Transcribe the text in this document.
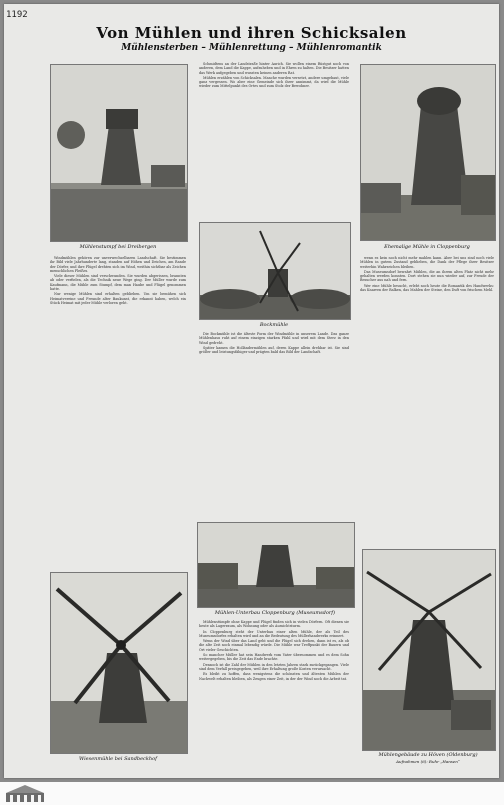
1192
Von Mühlen und ihren Schicksalen
Mühlensterben – Mühlenrettung – Mühlenromantik
Mühlenstumpf bei Dreibergen	Ehemalige Mühle in Cloppenburg
Bockmühle
Mühlen-Unterbau Cloppenburg (Museumsdorf)
Wiesenmühle bei Sandbeckhof
Mühlengebäude zu Höven (Oldenburg)
Aufnahmen (6): Ruhr „Hansen“

Windmühlen gehören zur unverwechselbaren Landschaft. Sie bestimmen ihr Bild viele Jahrhunderte lang, standen auf Höhen und Deichen, am Rande der Dörfer, und ihre Flügel drehten sich im Wind, weithin sichtbar als Zeichen menschlichen Fleißes.

Viele dieser Mühlen sind verschwunden. Sie wurden abgerissen, brannten ab oder verfielen, als die Technik neue Wege ging. Der Müller wurde zum Kaufmann, die Mühle zum Stumpf, dem man Haube und Flügel genommen hatte.

Nur wenige Mühlen sind erhalten geblieben. Um sie bemühen sich Heimatvereine und Freunde alter Baukunst, die erkannt haben, welch ein Stück Heimat mit jeder Mühle verloren geht.

Schmidtens an der Landstraße hinter Aurich. Sie wollen einem Rüstgut noch von anderen, dem Land die Kappe, aufzuheben und in Ehren zu halten. Die Besitzer hatten das Werk aufgegeben und wussten keinen anderen Rat.

Mühlen erzählen von Schicksalen. Manche wurden versetzt, andere umgebaut, viele ganz vergessen. Wo aber eine Gemeinde sich ihrer annimmt, da wird die Mühle wieder zum Mittelpunkt des Ortes und zum Stolz der Bewohner.

Die Bockmühle ist die älteste Form der Windmühle in unserem Lande. Das ganze Mühlenhaus ruht auf einem einzigen starken Pfahl und wird mit dem Sterz in den Wind gedreht.

Später kamen die Holländermühlen auf, deren Kappe allein drehbar ist. Sie sind größer und leistungsfähiger und prägten bald das Bild der Landschaft.

wenn es kein noch nicht mehr mahlen kann. Aber bei uns sind noch viele Mühlen in gutem Zustand geblieben, die Dank der Pflege ihrer Besitzer weiterhin Wahrzeichen bleiben.

Das Museumsdorf bewahrt Mühlen, die an ihrem alten Platz nicht mehr gehalten werden konnten. Dort stehen sie nun wieder auf, zur Freude der Besucher aus nah und fern.

Wer eine Mühle besucht, erlebt noch heute die Romantik des Handwerks: das Knarren der Balken, das Mahlen der Steine, den Duft von frischem Mehl.

Mühlenstümpfe ohne Kappe und Flügel finden sich in vielen Dörfern. Oft dienen sie heute als Lagerraum, als Wohnung oder als Aussichtsturm.

In Cloppenburg steht der Unterbau einer alten Mühle, der als Teil des Museumsdorfes erhalten wird und an die Bedeutung des Müllerhandwerks erinnert.

Wenn der Wind über das Land geht und die Flügel sich drehen, dann ist es, als ob die alte Zeit noch einmal lebendig würde. Die Mühle war Treffpunkt der Bauern und Ort vieler Geschichten.

So mancher Müller hat sein Handwerk vom Vater übernommen und es dem Sohn weitergegeben, bis die Zeit das Ende brachte.

Dennoch ist die Zahl der Mühlen in den letzten Jahren stark zurückgegangen. Viele sind dem Verfall preisgegeben, weil ihre Erhaltung große Kosten verursacht.

Es bleibt zu hoffen, dass wenigstens die schönsten und ältesten Mühlen der Nachwelt erhalten bleiben, als Zeugen einer Zeit, in der der Wind noch die Arbeit tat.
